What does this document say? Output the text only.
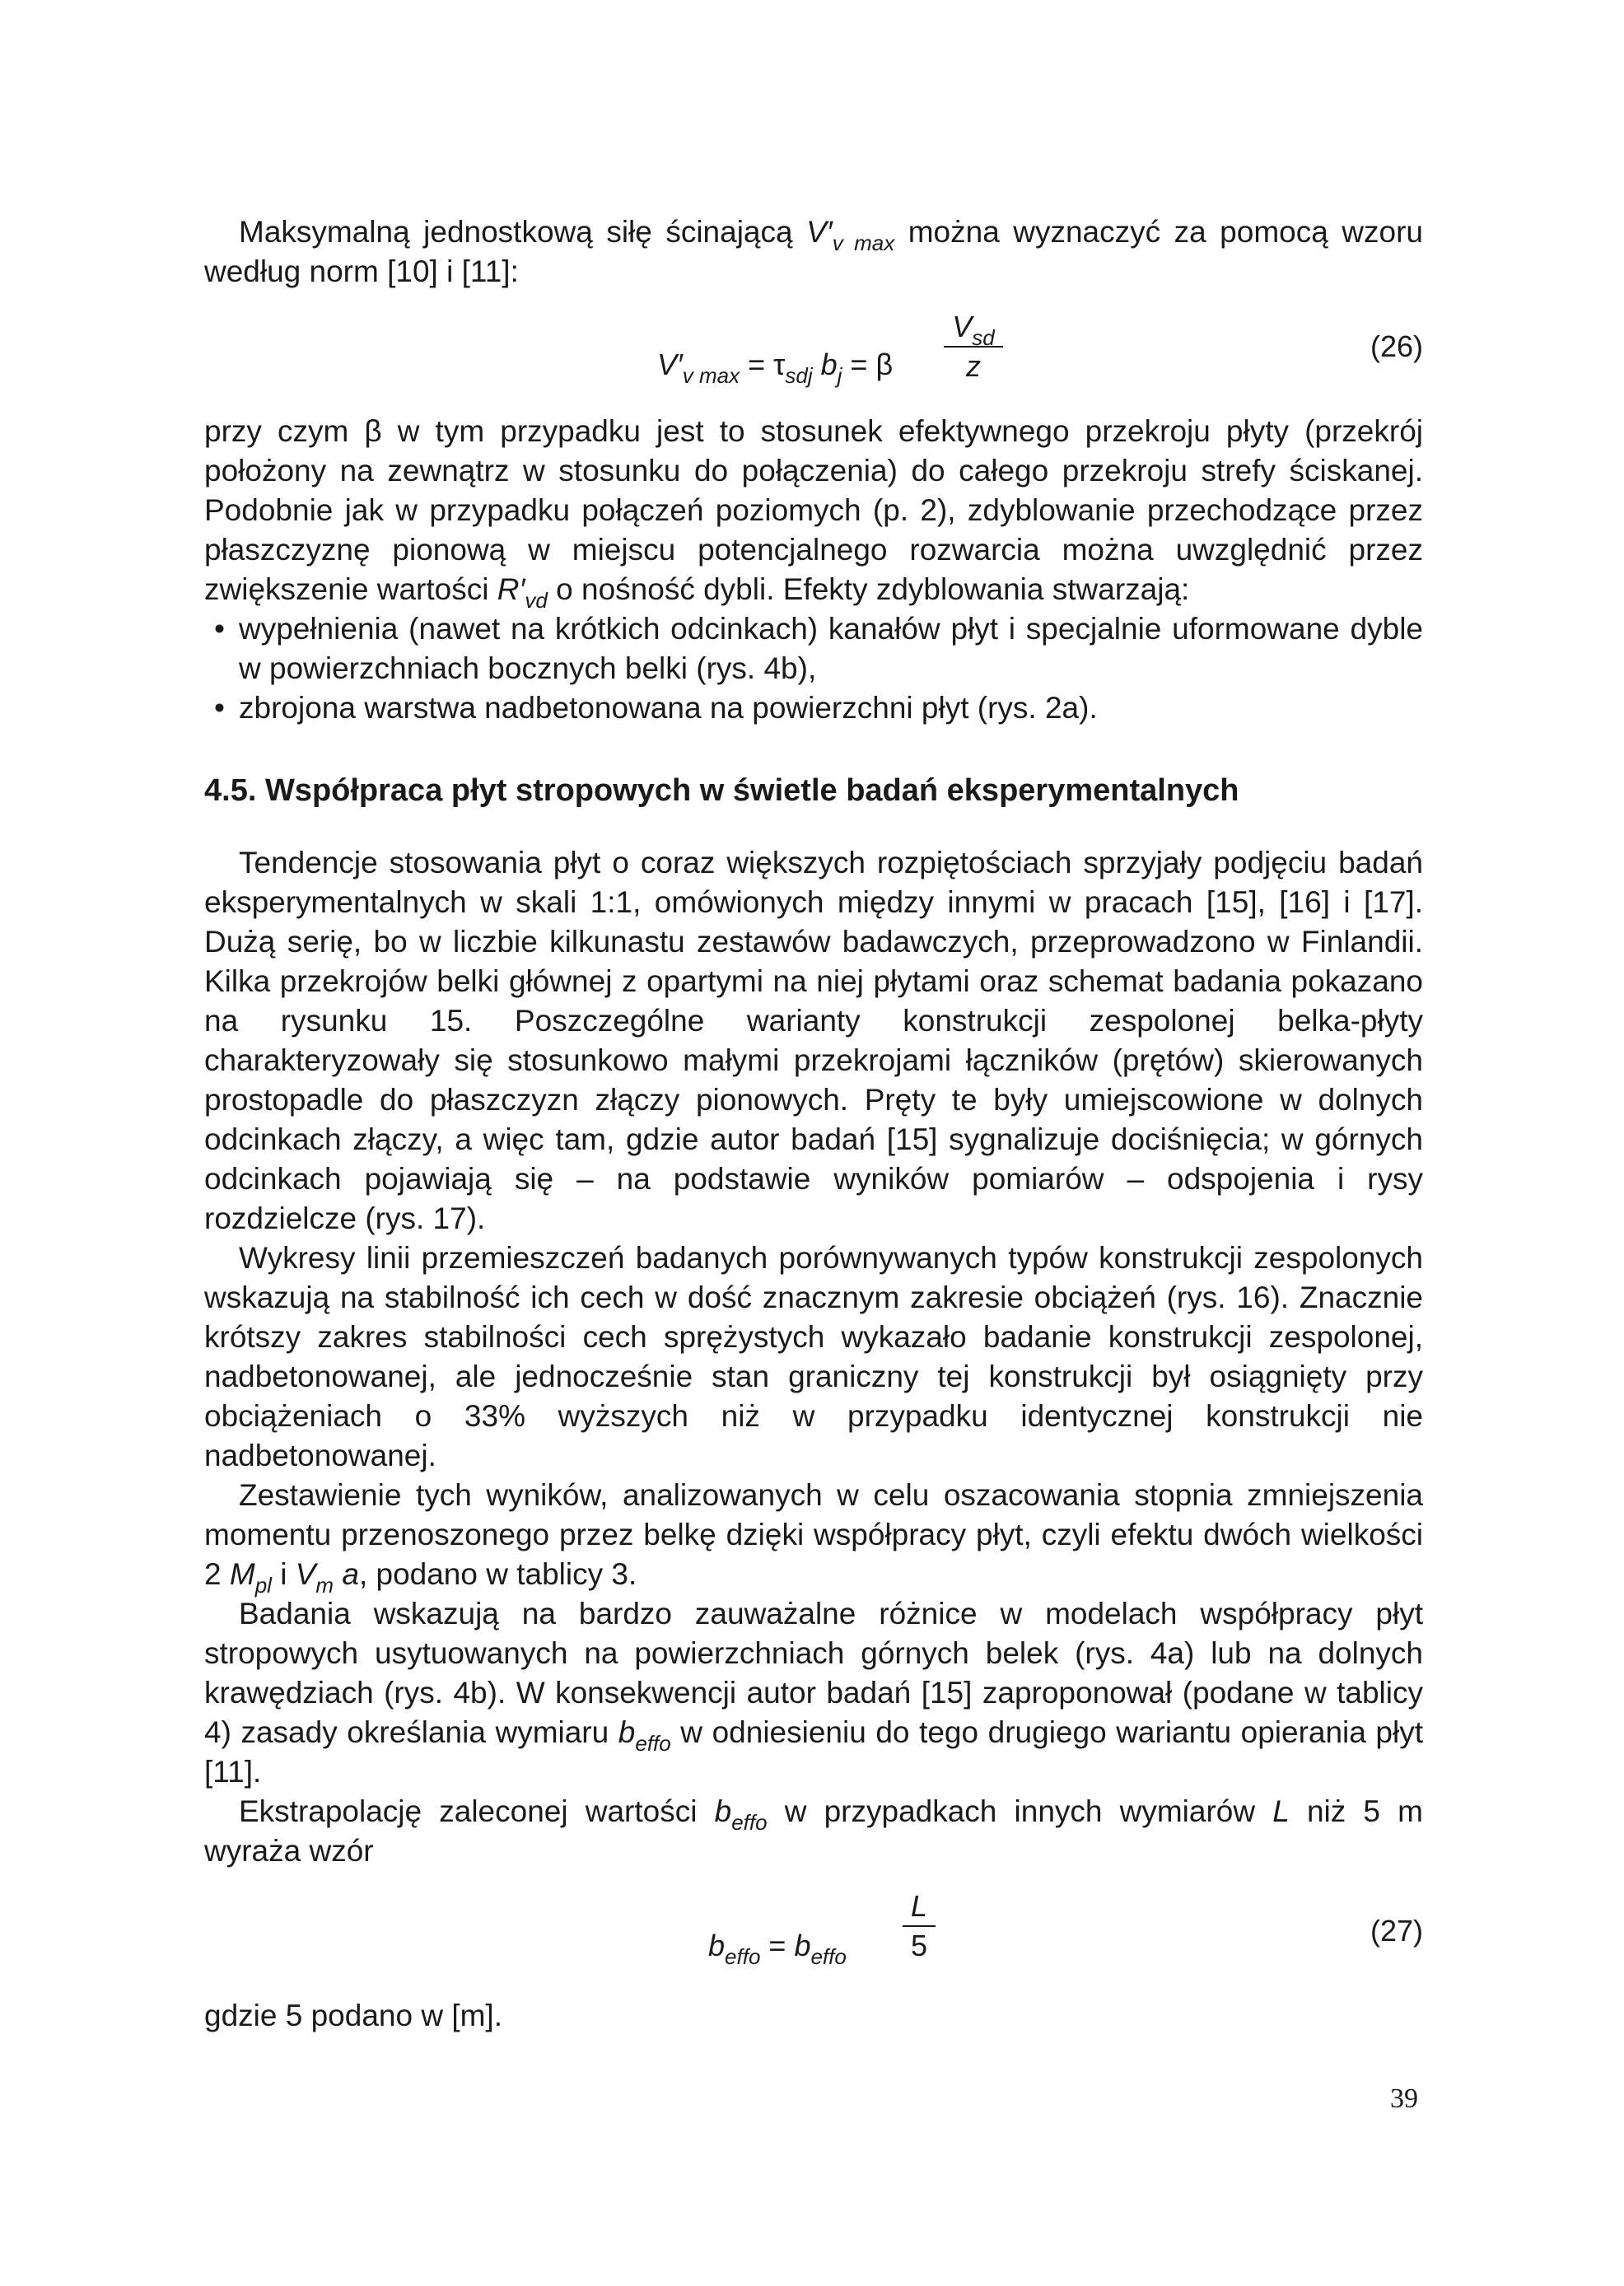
Maksymalną jednostkową siłę ścinającą $V'_{v max}$ można wyznaczyć za pomocą wzoru według norm [10] i [11]:

$V'_{v max} = \tau_{sdj}$ $b_j = \beta$
$V_{sd}$
z
(26)

przy czym β w tym przypadku jest to stosunek efektywnego przekroju płyty (przekrój położony na zewnątrz w stosunku do połączenia) do całego przekroju strefy ściskanej. Podobnie jak w przypadku połączeń poziomych (p. 2), zdyblowanie przechodzące przez płaszczyznę pionową w miejscu potencjalnego rozwarcia można uwzględnić przez zwiększenie wartości $R'_{vd}$ o nośność dybli. Efekty zdyblowania stwarzają:

• wypełnienia (nawet na krótkich odcinkach) kanałów płyt i specjalnie uformowane dyble w powierzchniach bocznych belki (rys. 4b),
• zbrojona warstwa nadbetonowana na powierzchni płyt (rys. 2a).
4.5. Współpraca płyt stropowych w świetle badań eksperymentalnych

Tendencje stosowania płyt o coraz większych rozpiętościach sprzyjały podjęciu badań eksperymentalnych w skali 1:1, omówionych między innymi w pracach [15], [16] i [17]. Dużą serię, bo w liczbie kilkunastu zestawów badawczych, przeprowadzono w Finlandii. Kilka przekrojów belki głównej z opartymi na niej płytami oraz schemat badania pokazano na rysunku 15. Poszczególne warianty konstrukcji zespolonej belka-płyty charakteryzowały się stosunkowo małymi przekrojami łączników (prętów) skierowanych prostopadle do płaszczyzn złączy pionowych. Pręty te były umiejscowione w dolnych odcinkach złączy, a więc tam, gdzie autor badań [15] sygnalizuje dociśnięcia; w górnych odcinkach pojawiają się – na podstawie wyników pomiarów – odspojenia i rysy rozdzielcze (rys. 17).

Wykresy linii przemieszczeń badanych porównywanych typów konstrukcji zespolonych wskazują na stabilność ich cech w dość znacznym zakresie obciążeń (rys. 16). Znacznie krótszy zakres stabilności cech sprężystych wykazało badanie konstrukcji zespolonej, nadbetonowanej, ale jednocześnie stan graniczny tej konstrukcji był osiągnięty przy obciążeniach o 33% wyższych niż w przypadku identycznej konstrukcji nie nadbetonowanej.

Zestawienie tych wyników, analizowanych w celu oszacowania stopnia zmniejszenia momentu przenoszonego przez belkę dzięki współpracy płyt, czyli efektu dwóch wielkości 2 $M_{pl}$ i $V_m$ a, podano w tablicy 3.

Badania wskazują na bardzo zauważalne różnice w modelach współpracy płyt stropowych usytuowanych na powierzchniach górnych belek (rys. 4a) lub na dolnych krawędziach (rys. 4b). W konsekwencji autor badań [15] zaproponował (podane w tablicy 4) zasady określania wymiaru $b_{effo}$ w odniesieniu do tego drugiego wariantu opierania płyt [11].

Ekstrapolację zaleconej wartości $b_{effo}$ w przypadkach innych wymiarów L niż 5 m wyraża wzór

$b_{effo} = b_{effo}$
L
5	(27)

gdzie 5 podano w [m].

39
